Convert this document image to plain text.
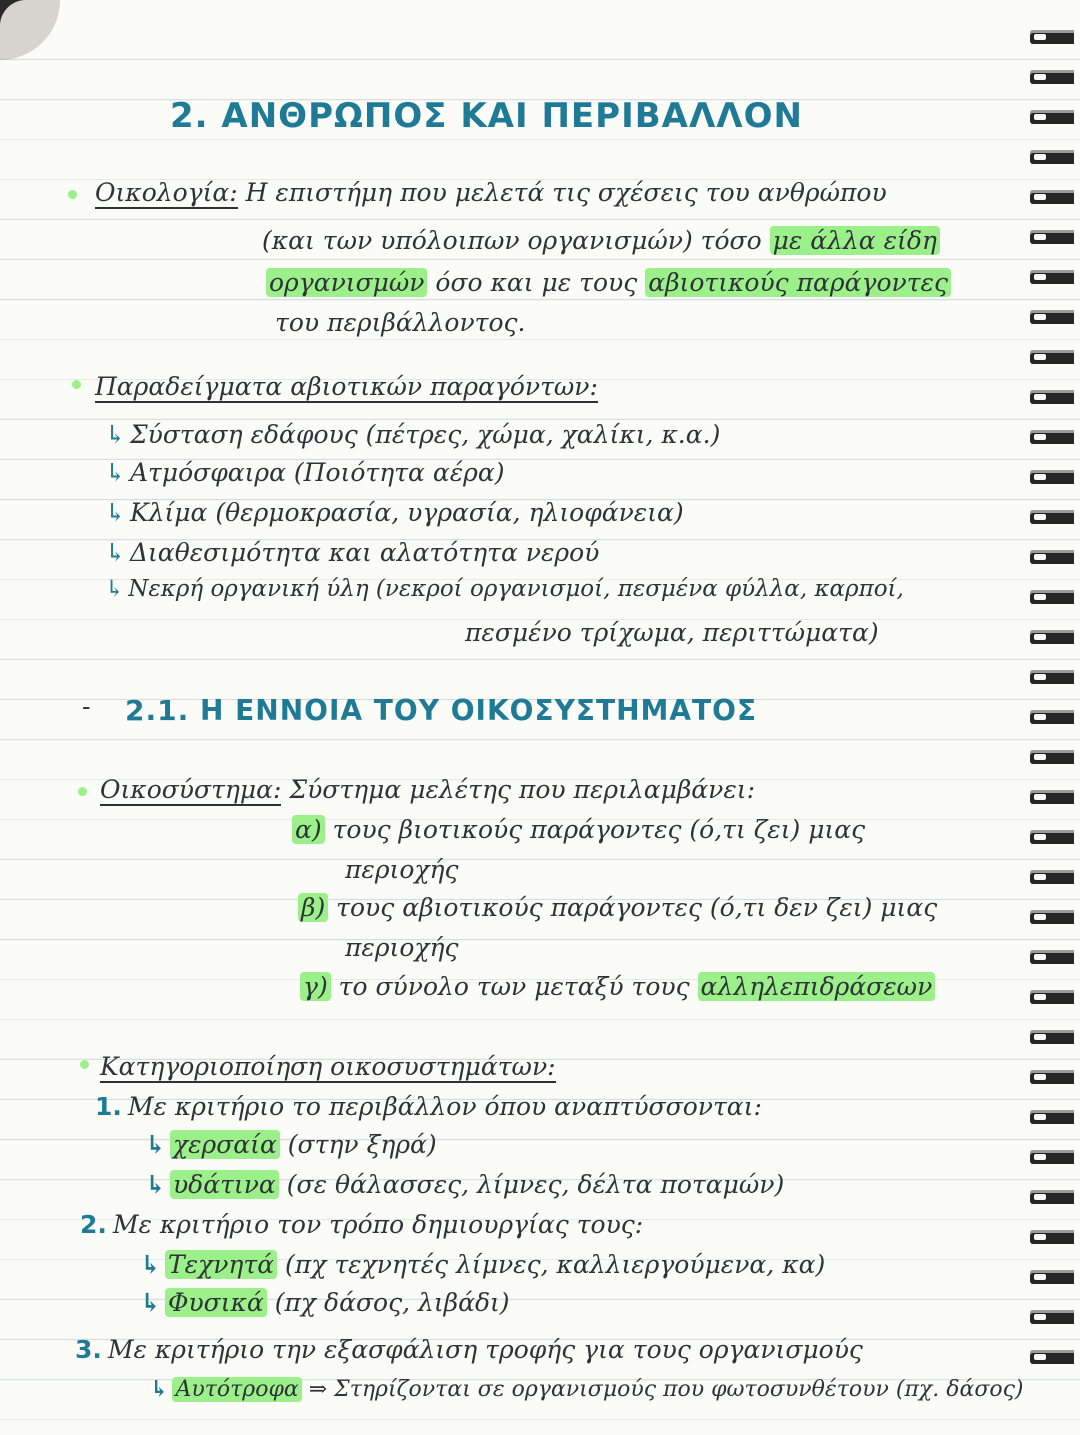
2. ΑΝΘΡΩΠΟΣ ΚΑΙ ΠΕΡΙΒΑΛΛΟΝ
Οικολογία: Η επιστήμη που μελετά τις σχέσεις του ανθρώπου
(και των υπόλοιπων οργανισμών) τόσο με άλλα είδη
οργανισμών όσο και με τους αβιοτικούς παράγοντες
του περιβάλλοντος.
Παραδείγματα αβιοτικών παραγόντων:
↳ Σύσταση εδάφους (πέτρες, χώμα, χαλίκι, κ.α.)
↳ Ατμόσφαιρα (Ποιότητα αέρα)
↳ Κλίμα (θερμοκρασία, υγρασία, ηλιοφάνεια)
↳ Διαθεσιμότητα και αλατότητα νερού
↳ Νεκρή οργανική ύλη (νεκροί οργανισμοί, πεσμένα φύλλα, καρποί,
πεσμένο τρίχωμα, περιττώματα)
- 2.1. Η ΕΝΝΟΙΑ ΤΟΥ ΟΙΚΟΣΥΣΤΗΜΑΤΟΣ
Οικοσύστημα: Σύστημα μελέτης που περιλαμβάνει:
α) τους βιοτικούς παράγοντες (ό,τι ζει) μιας
περιοχής
β) τους αβιοτικούς παράγοντες (ό,τι δεν ζει) μιας
περιοχής
γ) το σύνολο των μεταξύ τους αλληλεπιδράσεων
Κατηγοριοποίηση οικοσυστημάτων:
1. Με κριτήριο το περιβάλλον όπου αναπτύσσονται:
↳ χερσαία (στην ξηρά)
↳ υδάτινα (σε θάλασσες, λίμνες, δέλτα ποταμών)
2. Με κριτήριο τον τρόπο δημιουργίας τους:
↳ Τεχνητά (πχ τεχνητές λίμνες, καλλιεργούμενα, κα)
↳ Φυσικά (πχ δάσος, λιβάδι)
3. Με κριτήριο την εξασφάλιση τροφής για τους οργανισμούς
↳ Αυτότροφα ⇒ Στηρίζονται σε οργανισμούς που φωτοσυνθέτουν (πχ. δάσος)
